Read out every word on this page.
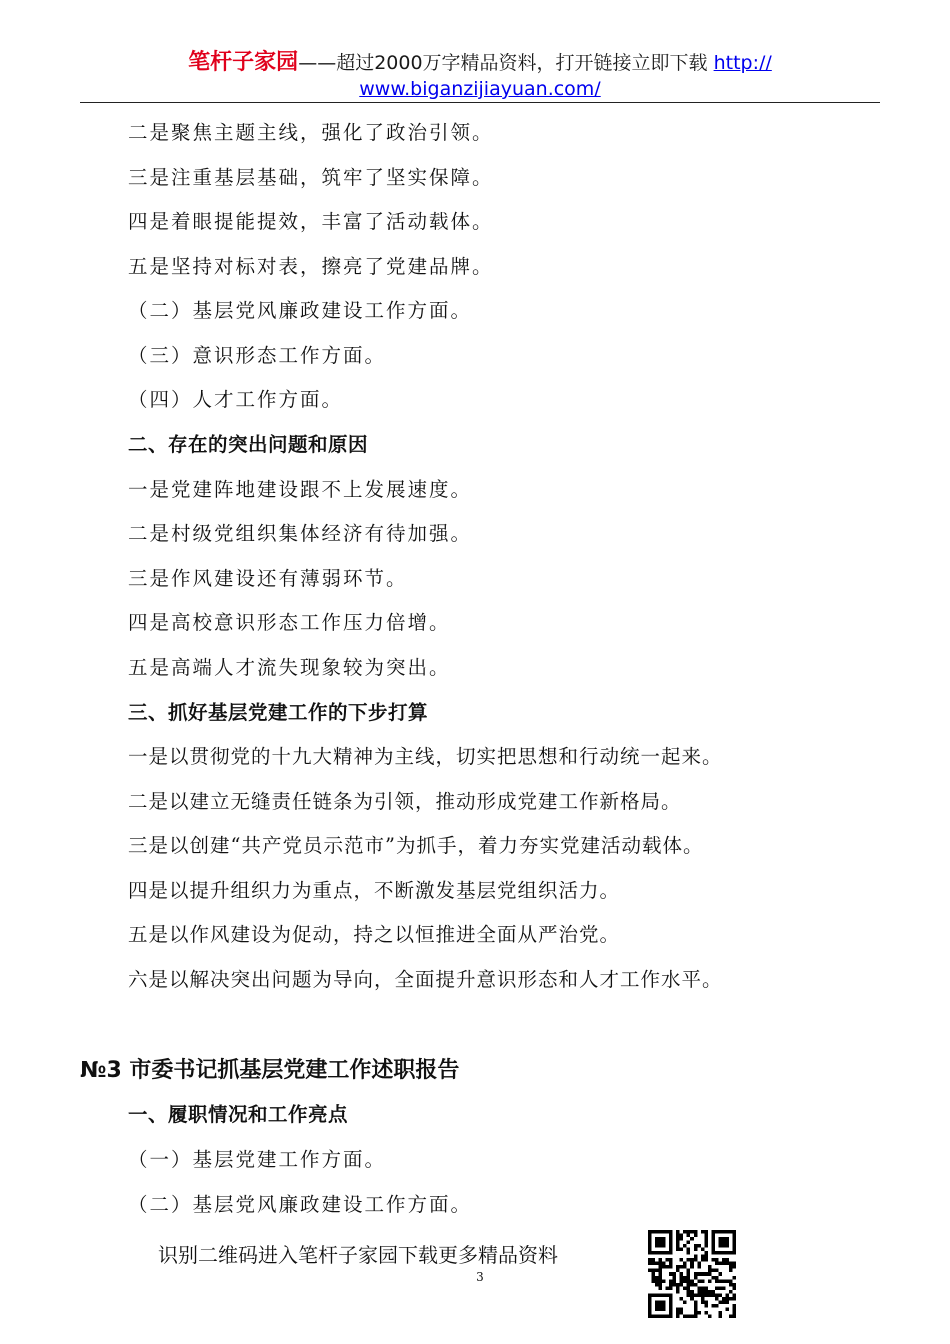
笔杆子家园——超过2000万字精品资料，打开链接立即下载 http://
www.biganzijiayuan.com/
二是聚焦主题主线，强化了政治引领。
三是注重基层基础，筑牢了坚实保障。
四是着眼提能提效，丰富了活动载体。
五是坚持对标对表，擦亮了党建品牌。
（二）基层党风廉政建设工作方面。
（三）意识形态工作方面。
（四）人才工作方面。
二、存在的突出问题和原因
一是党建阵地建设跟不上发展速度。
二是村级党组织集体经济有待加强。
三是作风建设还有薄弱环节。
四是高校意识形态工作压力倍增。
五是高端人才流失现象较为突出。
三、抓好基层党建工作的下步打算
一是以贯彻党的十九大精神为主线，切实把思想和行动统一起来。
二是以建立无缝责任链条为引领，推动形成党建工作新格局。
三是以创建“共产党员示范市”为抓手，着力夯实党建活动载体。
四是以提升组织力为重点，不断激发基层党组织活力。
五是以作风建设为促动，持之以恒推进全面从严治党。
六是以解决突出问题为导向，全面提升意识形态和人才工作水平。
№3 市委书记抓基层党建工作述职报告
一、履职情况和工作亮点
（一）基层党建工作方面。
（二）基层党风廉政建设工作方面。
识别二维码进入笔杆子家园下载更多精品资料
3
